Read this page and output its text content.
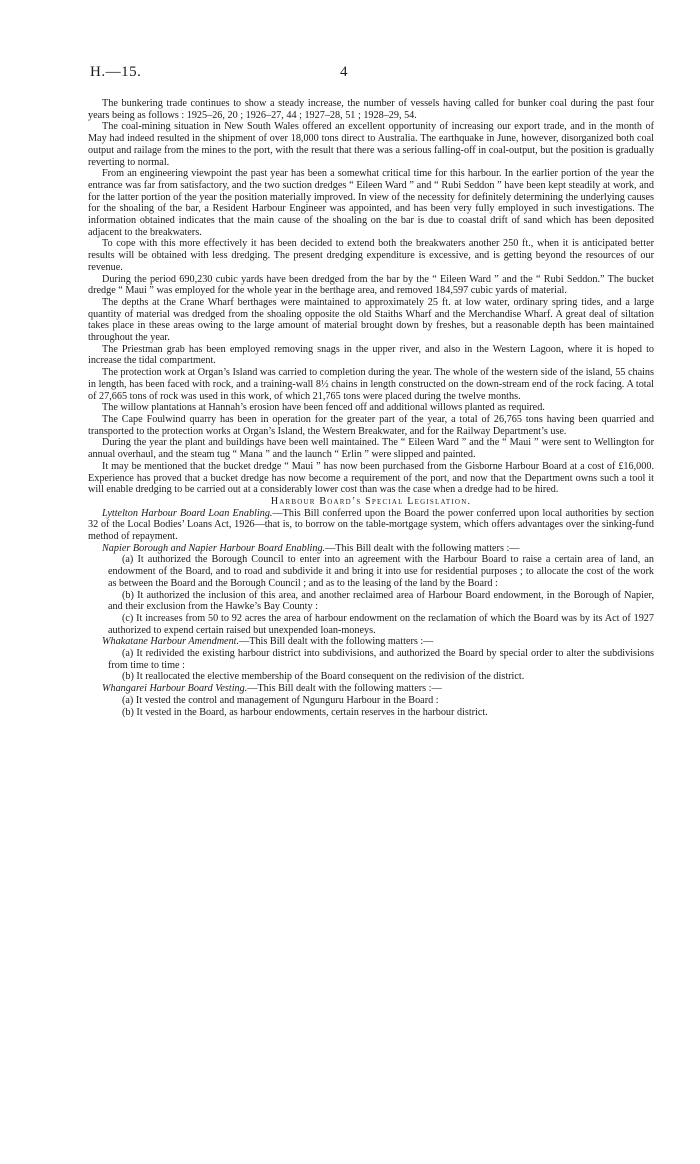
H.—15.	4

The bunkering trade continues to show a steady increase, the number of vessels having called for bunker coal during the past four years being as follows : 1925–26, 20 ; 1926–27, 44 ; 1927–28, 51 ; 1928–29, 54.

The coal-mining situation in New South Wales offered an excellent opportunity of increasing our export trade, and in the month of May had indeed resulted in the shipment of over 18,000 tons direct to Australia. The earthquake in June, however, disorganized both coal output and railage from the mines to the port, with the result that there was a serious falling-off in coal-output, but the position is gradually reverting to normal.

From an engineering viewpoint the past year has been a somewhat critical time for this harbour. In the earlier portion of the year the entrance was far from satisfactory, and the two suction dredges “ Eileen Ward ” and “ Rubi Seddon ” have been kept steadily at work, and for the latter portion of the year the position materially improved. In view of the necessity for definitely determining the underlying causes for the shoaling of the bar, a Resident Harbour Engineer was appointed, and has been very fully employed in such investigations. The information obtained indicates that the main cause of the shoaling on the bar is due to coastal drift of sand which has been deposited adjacent to the breakwaters.

To cope with this more effectively it has been decided to extend both the breakwaters another 250 ft., when it is anticipated better results will be obtained with less dredging. The present dredging expenditure is excessive, and is getting beyond the resources of our revenue.

During the period 690,230 cubic yards have been dredged from the bar by the “ Eileen Ward ” and the “ Rubi Seddon.” The bucket dredge “ Maui ” was employed for the whole year in the berthage area, and removed 184,597 cubic yards of material.

The depths at the Crane Wharf berthages were maintained to approximately 25 ft. at low water, ordinary spring tides, and a large quantity of material was dredged from the shoaling opposite the old Staiths Wharf and the Merchandise Wharf. A great deal of siltation takes place in these areas owing to the large amount of material brought down by freshes, but a reasonable depth has been maintained throughout the year.

The Priestman grab has been employed removing snags in the upper river, and also in the Western Lagoon, where it is hoped to increase the tidal compartment.

The protection work at Organ’s Island was carried to completion during the year. The whole of the western side of the island, 55 chains in length, has been faced with rock, and a training-wall 8½ chains in length constructed on the down-stream end of the rock facing. A total of 27,665 tons of rock was used in this work, of which 21,765 tons were placed during the twelve months.

The willow plantations at Hannah’s erosion have been fenced off and additional willows planted as required.

The Cape Foulwind quarry has been in operation for the greater part of the year, a total of 26,765 tons having been quarried and transported to the protection works at Organ’s Island, the Western Breakwater, and for the Railway Department’s use.

During the year the plant and buildings have been well maintained. The “ Eileen Ward ” and the “ Maui ” were sent to Wellington for annual overhaul, and the steam tug “ Mana ” and the launch “ Erlin ” were slipped and painted.

It may be mentioned that the bucket dredge “ Maui ” has now been purchased from the Gisborne Harbour Board at a cost of £16,000. Experience has proved that a bucket dredge has now become a requirement of the port, and now that the Department owns such a tool it will enable dredging to be carried out at a considerably lower cost than was the case when a dredge had to be hired.

Harbour Board’s Special Legislation.

Lyttelton Harbour Board Loan Enabling.—This Bill conferred upon the Board the power conferred upon local authorities by section 32 of the Local Bodies’ Loans Act, 1926—that is, to borrow on the table-mortgage system, which offers advantages over the sinking-fund method of repayment.

Napier Borough and Napier Harbour Board Enabling.—This Bill dealt with the following matters :—

(a) It authorized the Borough Council to enter into an agreement with the Harbour Board to raise a certain area of land, an endowment of the Board, and to road and subdivide it and bring it into use for residential purposes ; to allocate the cost of the work as between the Board and the Borough Council ; and as to the leasing of the land by the Board :

(b) It authorized the inclusion of this area, and another reclaimed area of Harbour Board endowment, in the Borough of Napier, and their exclusion from the Hawke’s Bay County :

(c) It increases from 50 to 92 acres the area of harbour endowment on the reclamation of which the Board was by its Act of 1927 authorized to expend certain raised but unexpended loan-moneys.

Whakatane Harbour Amendment.—This Bill dealt with the following matters :—

(a) It redivided the existing harbour district into subdivisions, and authorized the Board by special order to alter the subdivisions from time to time :

(b) It reallocated the elective membership of the Board consequent on the redivision of the district.

Whangarei Harbour Board Vesting.—This Bill dealt with the following matters :—

(a) It vested the control and management of Ngunguru Harbour in the Board :

(b) It vested in the Board, as harbour endowments, certain reserves in the harbour district.
